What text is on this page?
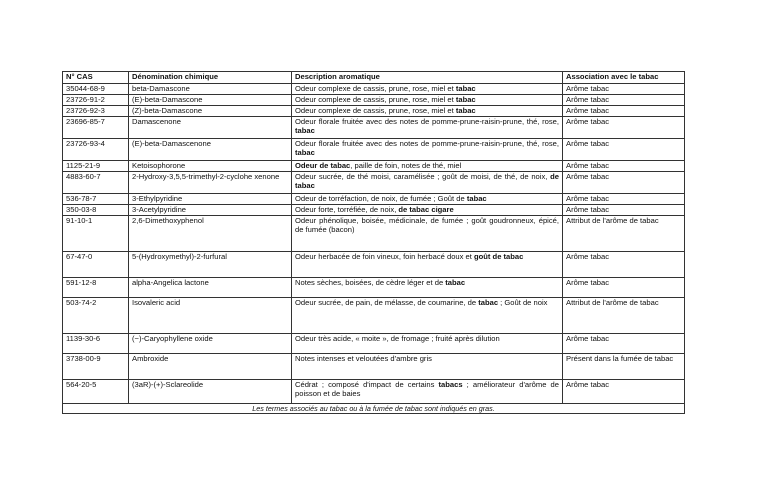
N° CAS	Dénomination chimique	Description aromatique	Association avec le tabac
35044-68-9	beta-Damascone	Odeur complexe de cassis, prune, rose, miel et tabac	Arôme tabac
23726-91-2	(E)-beta-Damascone	Odeur complexe de cassis, prune, rose, miel et tabac	Arôme tabac
23726-92-3	(Z)-beta-Damascone	Odeur complexe de cassis, prune, rose, miel et tabac	Arôme tabac
23696-85-7	Damascenone	Odeur florale fruitée avec des notes de pomme-prune-raisin-prune, thé, rose, tabac	Arôme tabac
23726-93-4	(E)-beta-Damascenone	Odeur florale fruitée avec des notes de pomme-prune-raisin-prune, thé, rose, tabac	Arôme tabac
1125-21-9	Ketoisophorone	Odeur de tabac, paille de foin, notes de thé, miel	Arôme tabac
4883-60-7	2-Hydroxy-3,5,5-trimethyl-2-cyclohe xenone	Odeur sucrée, de thé moisi, caramélisée ; goût de moisi, de thé, de noix, de tabac	Arôme tabac
536-78-7	3-Ethylpyridine	Odeur de torréfaction, de noix, de fumée ; Goût de tabac	Arôme tabac
350-03-8	3-Acetylpyridine	Odeur forte, torréfiée, de noix, de tabac cigare	Arôme tabac
91-10-1	2,6-Dimethoxyphenol	Odeur phénolique, boisée, médicinale, de fumée ; goût goudronneux, épicé, de fumée (bacon)	Attribut de l'arôme de tabac
67-47-0	5-(Hydroxymethyl)-2-furfural	Odeur herbacée de foin vineux, foin herbacé doux et goût de tabac	Arôme tabac
591-12-8	alpha-Angelica lactone	Notes sèches, boisées, de cèdre léger et de tabac	Arôme tabac
503-74-2	Isovaleric acid	Odeur sucrée, de pain, de mélasse, de coumarine, de tabac ; Goût de noix	Attribut de l'arôme de tabac
1139-30-6	(−)-Caryophyllene oxide	Odeur très acide, « moite », de fromage ; fruité après dilution	Arôme tabac
3738-00-9	Ambroxide	Notes intenses et veloutées d'ambre gris	Présent dans la fumée de tabac
564-20-5	(3aR)-(+)-Sclareolide	Cédrat ; composé d'impact de certains tabacs ; améliorateur d'arôme de poisson et de baies	Arôme tabac
Les termes associés au tabac ou à la fumée de tabac sont indiqués en gras.			
